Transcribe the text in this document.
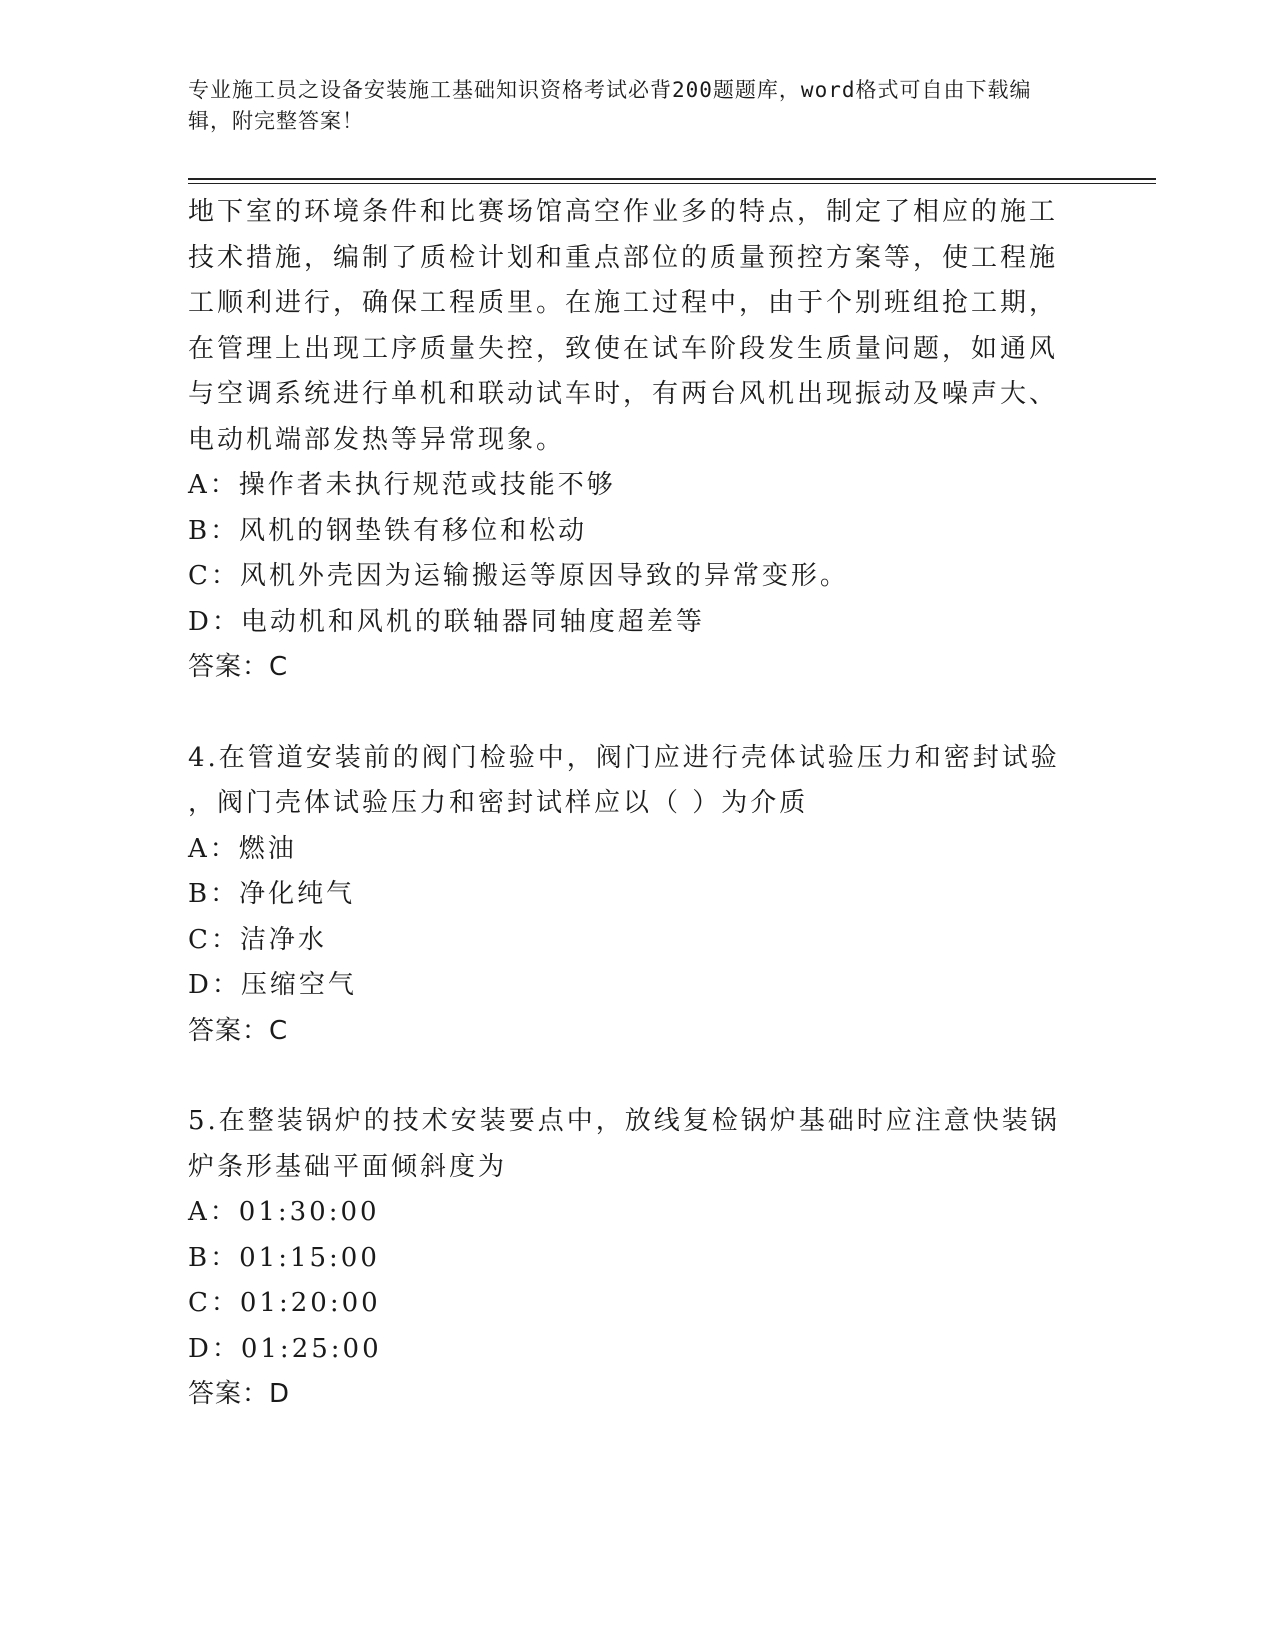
专业施工员之设备安装施工基础知识资格考试必背200题题库，word格式可自由下载编辑，附完整答案！
地下室的环境条件和比赛场馆高空作业多的特点，制定了相应的施工
技术措施，编制了质检计划和重点部位的质量预控方案等，使工程施
工顺利进行，确保工程质里。在施工过程中，由于个别班组抢工期，
在管理上出现工序质量失控，致使在试车阶段发生质量问题，如通风
与空调系统进行单机和联动试车时，有两台风机出现振动及噪声大、
电动机端部发热等异常现象。
A：操作者未执行规范或技能不够
B：风机的钢垫铁有移位和松动
C：风机外壳因为运输搬运等原因导致的异常变形。
D：电动机和风机的联轴器同轴度超差等
答案：C
4.在管道安装前的阀门检验中，阀门应进行壳体试验压力和密封试验
，阀门壳体试验压力和密封试样应以（ ）为介质
A：燃油
B：净化纯气
C：洁净水
D：压缩空气
答案：C
5.在整装锅炉的技术安装要点中，放线复检锅炉基础时应注意快装锅
炉条形基础平面倾斜度为
A：01:30:00
B：01:15:00
C：01:20:00
D：01:25:00
答案：D
